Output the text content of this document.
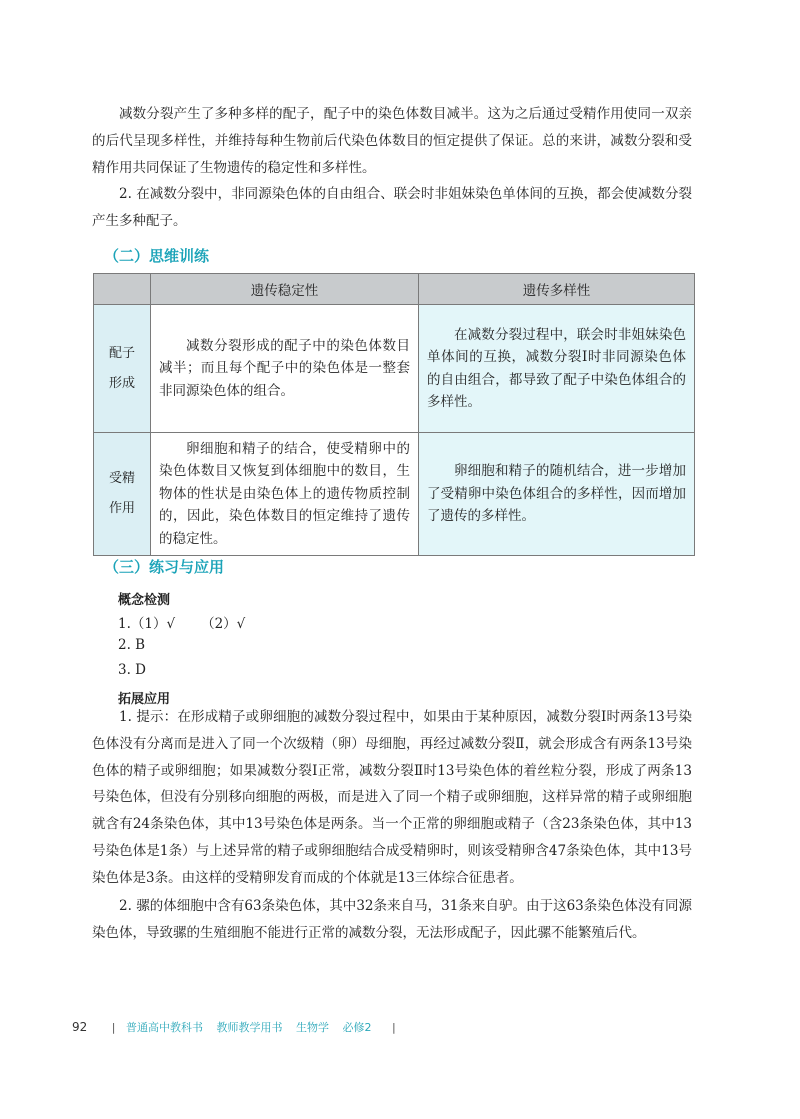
减数分裂产生了多种多样的配子，配子中的染色体数目减半。这为之后通过受精作用使同一双亲的后代呈现多样性，并维持每种生物前后代染色体数目的恒定提供了保证。总的来讲，减数分裂和受精作用共同保证了生物遗传的稳定性和多样性。

2. 在减数分裂中，非同源染色体的自由组合、联会时非姐妹染色单体间的互换，都会使减数分裂产生多种配子。

（二）思维训练
	遗传稳定性	遗传多样性
配子
形成	减数分裂形成的配子中的染色体数目减半；而且每个配子中的染色体是一整套非同源染色体的组合。	在减数分裂过程中，联会时非姐妹染色单体间的互换，减数分裂Ⅰ时非同源染色体的自由组合，都导致了配子中染色体组合的多样性。
受精
作用	卵细胞和精子的结合，使受精卵中的染色体数目又恢复到体细胞中的数目，生物体的性状是由染色体上的遗传物质控制的，因此，染色体数目的恒定维持了遗传的稳定性。	卵细胞和精子的随机结合，进一步增加了受精卵中染色体组合的多样性，因而增加了遗传的多样性。
（三）练习与应用

概念检测

1.（1）√ （2）√

2. B

3. D

拓展应用

1. 提示：在形成精子或卵细胞的减数分裂过程中，如果由于某种原因，减数分裂Ⅰ时两条13号染色体没有分离而是进入了同一个次级精（卵）母细胞，再经过减数分裂Ⅱ，就会形成含有两条13号染色体的精子或卵细胞；如果减数分裂Ⅰ正常，减数分裂Ⅱ时13号染色体的着丝粒分裂，形成了两条13号染色体，但没有分别移向细胞的两极，而是进入了同一个精子或卵细胞，这样异常的精子或卵细胞就含有24条染色体，其中13号染色体是两条。当一个正常的卵细胞或精子（含23条染色体，其中13号染色体是1条）与上述异常的精子或卵细胞结合成受精卵时，则该受精卵含47条染色体，其中13号染色体是3条。由这样的受精卵发育而成的个体就是13三体综合征患者。

2. 骡的体细胞中含有63条染色体，其中32条来自马，31条来自驴。由于这63条染色体没有同源染色体，导致骡的生殖细胞不能进行正常的减数分裂，无法形成配子，因此骡不能繁殖后代。

92 | 普通高中教科书 教师教学用书 生物学 必修2 |
